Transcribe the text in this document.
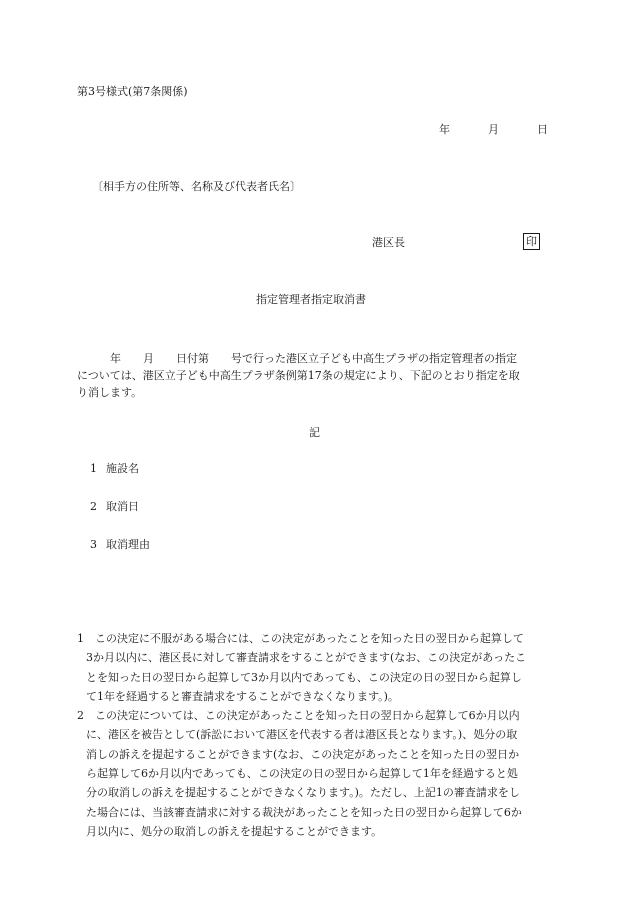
第3号様式(第7条関係)
年	月	日
〔相手方の住所等、名称及び代表者氏名〕
港区長	印
指定管理者指定取消書
　　　年　　月　　日付第　　号で行った港区立子ども中高生プラザの指定管理者の指定
については、港区立子ども中高生プラザ条例第17条の規定により、下記のとおり指定を取
り消します。
記
1 施設名
2 取消日
3 取消理由
1　この決定に不服がある場合には、この決定があったことを知った日の翌日から起算して
3か月以内に、港区長に対して審査請求をすることができます(なお、この決定があったこ
とを知った日の翌日から起算して3か月以内であっても、この決定の日の翌日から起算し
て1年を経過すると審査請求をすることができなくなります。)。
2　この決定については、この決定があったことを知った日の翌日から起算して6か月以内
に、港区を被告として(訴訟において港区を代表する者は港区長となります。)、処分の取
消しの訴えを提起することができます(なお、この決定があったことを知った日の翌日か
ら起算して6か月以内であっても、この決定の日の翌日から起算して1年を経過すると処
分の取消しの訴えを提起することができなくなります。)。ただし、上記1の審査請求をし
た場合には、当該審査請求に対する裁決があったことを知った日の翌日から起算して6か
月以内に、処分の取消しの訴えを提起することができます。
